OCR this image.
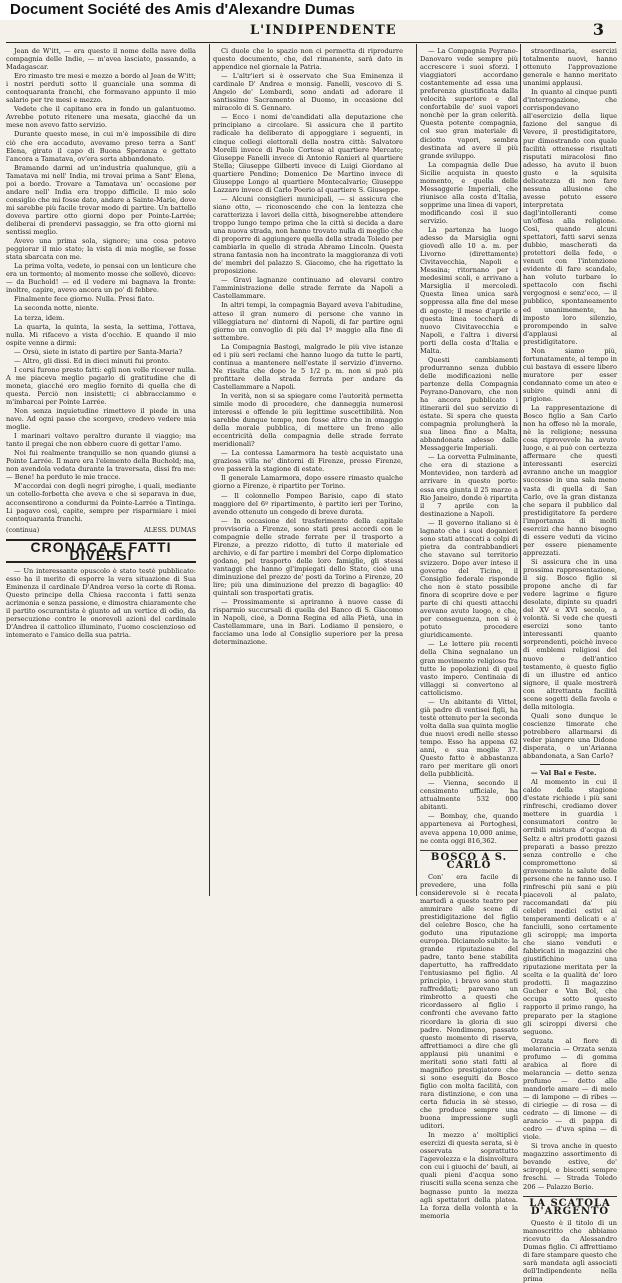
Document Société des Amis d'Alexandre Dumas
L'INDIPENDENTE	3

Jean de W'itt, — era questo il nome della nave della compagnia delle Indie, — m'avea lasciato, passando, a Madagascar.

Ero rimasto tre mesi e mezzo a bordo al Jean de W'itt; i nostri perduti sotto il guanciale una somma di centoquaranta franchi, che formavano appunto il mio salario per tre mesi e mezzo.

Vedete che il capitano era in fondo un galantuomo. Avrebbe potuto ritenere una mesata, giacché da un mese non avevo fatto servizio.

Durante questo mese, in cui m'è impossibile di dire ciò che era accaduto, avevamo preso terra a Sant' Elena, girato il capo di Buona Speranza e gettato l'ancora a Tamatava, ov'era sorta abbandonato.

Bramando darmi ad un'industria qualunque, giù a Tamatava mi nell' India, mi trovai prima a Sant' Elena, poi a bordo. Trovare a Tamatava un' occasione per andare nell' India era troppo difficile. Il mio solo consiglio che mi fosse dato, andare a Sainte-Marie, dove mi sarebbe più facile trovar modo di partire. Un battello doveva partire otto giorni dopo per Pointe-Larrée; deliberai di prendervi passaggio, se fra otto giorni mi sentissi meglio.

Avevo una prima sola, signore; una cosa potevo peggiorar il mio stato; la vista di mia moglie, se fosse stata sbarcata con me.

La prima volta, vedete, io pensai con un lenticure che era un tormento; al momento mosse che sollevò, dicevo: — da Buchold! — ed il vedere mi bagnava la fronte: inoltre, capire, avevo ancora un po' di febbre.

Finalmente fece giorno. Nulla. Presi fiato.

La seconda notte, niente.

La terza, idem.

La quarta, la quinta, la sesta, la settima, l'ottava, nulla. Mi rifacevo a vista d'occhio. E quando il mio ospite venne a dirmi:

— Orsù, siete in istato di partire per Santa-Maria?

— Altro, gli dissi. Ed in dieci minuti fui pronto.

I corsi furono presto fatti: egli non volle ricever nulla. A me piaceva meglio pagarlo di gratitudine che di moneta, giacché ero meglio fornito di quella che di questa. Perciò non insistetti; ci abbracciammo e m'imbarcai per Pointe Larrée.

Non senza inquietudine rimettevo il piede in una nave. Ad ogni passo che scorgevo, credevo vedere mia moglie.

I marinari voltavo peraltro durante il viaggio; ma tanto il pregai che non ebbero cuore di gettar l'amo.

Noi fui realmente tranquillo se non quando giunsi a Pointe Larrée. Il mare era l'elemento della Buchold; ma, non avendola vedata durante la traversata, dissi fra me: — Bene! ha perduto le mie tracce.

M'accordai con degli negri piroghe, i quali, mediante un cotello-forbetta che aveva e che si separava in due, acconsentirono a condurmi da Pointe-Larrée a Tintinga. Li pagavo così, capite, sempre per risparmiare i miei centoquaranta franchi.

(continua)	ALESS. DUMAS
CRONACA E FATTI DIVERSI

— Un interessante opuscolo è stato testè pubblicato: esso ha il merito di esporre la vera situazione di Sua Eminenza il cardinale D'Andrea verso la corte di Roma. Questo principe della Chiesa racconta i fatti senza acrimonia e senza passione, e dimostra chiaramente che il partito oscurantista è giunto ad un vertice di odio, da persecuzione contro le onorevoli azioni del cardinale D'Andrea il cattolico illuminato, l'uomo coscienzioso ed intemerato e l'amico della sua patria.

Ci duole che lo spazio non ci permetta di riprodurre questo documento, che, del rimanente, sarà dato in appendice nel giornale la Patria.

— L'altr'ieri si è osservato che Sua Eminenza il cardinale D' Andrea e monsig. Fanelli, vescovo di S. Angelo de' Lombardi, sono andati ad adorare il santissimo Sacramento al Duomo, in occasione del miracolo di S. Gennaro.

— Ecco i nomi de'candidati alla deputazione che principiano a circolare. Si assicura che il partito radicale ha deliberato di appoggiare i seguenti, in cinque collegi elettorali della nostra città: Salvatore Morelli invece di Paolo Cortese al quartiere Mercato; Giuseppe Fanelli invece di Antonio Ranieri al quartiere Stella; Giuseppe Gilberti invece di Luigi Giordano al quartiere Pendino; Domenico De Martino invece di Giuseppe Longo al quartiere Montecalvario; Giuseppe Lazzaro invece di Carlo Poerio al quartiere S. Giuseppe.

— Alcuni consiglieri municipali, — si assicura che siano otto, — riconoscendo che con la lentezza che caratterizza i lavori della città, bisognerebbe attendere troppo lungo tempo prima che la città si decida a dare una nuova strada, non hanno trovato nulla di meglio che di proporre di aggiungere quella della strada Toledo per cambiarla in quello di strada Abramo Lincoln. Questa strana fantasia non ha incontrato la maggioranza di voti de' membri del palazzo S. Giacomo, che ha rigettato la proposizione.

— Gravi lagnanze continuano ad elevarsi contro l'amministrazione delle strade ferrate da Napoli a Castellammare.

In altri tempi, la compagnia Bayard aveva l'abitudine, atteso il gran numero di persone che vanno in villeggiatura ne' dintorni di Napoli, di far partire ogni giorno un convoglio di più dal 1º maggio alla fine di settembre.

La Compagnia Bastogi, malgrado le più vive istanze ed i più seri reclami che hanno luogo da tutte le parti, continua a mantenere nell'estate il servizio d'inverno. Ne risulta che dopo le 5 1/2 p. m. non si può più profittare della strada ferrata per andare da Castellammare a Napoli.

In verità, non si sa spiegare come l'autorità permetta simile modo di procedere, che danneggia numerosi interessi e offende le più legittime suscettibilità. Non sarebbe dunque tempo, non fosse altro che in omaggio della morale pubblica, di mettere un freno alle eccentricità della compagnia delle strade ferrate meridionali?

— La contessa Lamarmora ha testè acquistato una graziosa villa ne' dintorni di Firenze, presso Firenze, ove passerà la stagione di estate.

Il generale Lamarmora, dopo essere rimasto qualche giorno a Firenze, è ripartito per Torino.

— Il colonnello Pompeo Barisio, capo di stato maggiore del 6º ripartimento, è partito ieri per Torino, avendo ottenuto un congedo di breve durata.

— In occasione del trasferimento della capitale provvisoria a Firenze, sono stati presi accordi con le compagnie delle strade ferrate per il trasporto a Firenze, a prezzo ridotto, di tutto il materiale ed archivio, e di far partire i membri del Corpo diplomatico godano, pel trasporto delle loro famiglie, gli stessi vantaggi che hanno gl'impiegati dello Stato, cioè una diminuzione del prezzo de' posti da Torino a Firenze, 20 lire; più una diminuzione del prezzo di bagaglio: 40 quintali son trasportati gratis.

— Prossimamente si apriranno à nuove casse di risparmio succursali di quella del Banco di S. Giacomo in Napoli, cioè, a Donna Regina ed alla Pietà, una in Castellammare, una in Bari. Lodiamo il pensiero, e facciamo una lode al Consiglio superiore per la presa determinazione.

— La Compagnia Peyrano-Danovaro vede sempre più accrescere i suoi sforzi. I viaggiatori accordano costantemente ad essa una preferenza giustificata dalla velocità superiore e dal confortabile de' suoi vapori nonchè per la gran celerità. Questa potente compagnia, col suo gran materiale di diciotto vapori, sembra destinata ad avere il più grande sviluppo.

La compagnia delle Due Sicilie acquista in questo momento, e quella delle Messaggerie Imperiali, che riunisce alla costa d'Italia, sopprime una linea di vapori, modificando così il suo servizio.

La partenza ha luogo adesso da Marsiglia ogni giovedì alle 10 a. m. per Livorno (direttamente) Civitavecchia, Napoli e Messina; ritornano per i medesimi scali, e arrivano a Marsiglia il mercoledì. Questa linea unica sarà soppressa alla fine del mese di agosto; il mese d'aprile e questa linea toccherà di nuovo Civitavecchia e Napoli, e l'altra i diversi porti della costa d'Italia e Malta.

Questi cambiamenti produrranno senza dubbio delle modificazioni nelle partenze della Compagnia Peyrano-Danovaro, che non ha ancora pubblicato i itinerarii del suo servizio di estate. Si spera che questa compagnia prolungherà la sua linea fino a Malta, abbandonata adesso dalle Messaggerie Imperiali.

— La corvetta Fulminante, che era di stazione a Montevideo, non tarderà ad arrivare in questo porto: essa era giunta il 25 marzo a Rio Janeiro, donde è ripartita il 7 aprile con la destinazione a Napoli.

— Il governo italiano si è lagnato che i suoi doganieri sono stati attaccati a colpi di pietra da contrabbandieri che stavano sul territorio svizzero. Dopo aver inteso il governo del Ticino, il Consiglio federale risponde che non è stato possibile finora di scoprire dove e per parte di chi questi attacchi avevano avuto luogo, e che, per conseguenza, non si è potuto procedere giuridicamente.

— Le lettere più recenti della China segnalano un gran movimento religioso fra tutte le popolazioni di quel vasto impero. Centinaia di villaggi si convertono al cattolicismo.

— Un abitante di Vittel, già padre di ventisei figli, ha testè ottenuto per la seconda volta dalla sua quinta moglie due nuovi eredi nelle stesso tempo. Esso ha appena 62 anni, e sua moglie 37. Questo fatto è abbastanza raro per meritare gli onori della pubblicità.

— Vienna, secondo il censimento ufficiale, ha attualmente 532 000 abitanti.

— Bombay, che, quando apparteneva ai Portoghesi, aveva appena 10,000 anime, ne conta oggi 816,362.

BOSCO A S. CARLO

Con' era facile di prevedere, una folla considerevole si è recata martedì a questo teatro per ammirare alle scene di prestidigitazione del figlio del celebre Bosco, che ha goduto una riputazione europea. Diciamolo subito: la grande riputazione del padre, tanto bene stabilita dapertutto, ha raffreddato l'entusiasmo pel figlio. Al principio, i bravo sono stati raffreddati; parevano un rimbrotto a questi che ricordassero al figlio i confronti che avevano fatto ricordare la gloria di suo padre. Nondimeno, passato questo momento di riserva, affrettiamoci a dire che gli applausi più unanimi e meritati sono stati fatti al magnifico prestigiatore che si sono eseguiti da Bosco figlio con molta facilità, con rara distinzione, e con una certa fiducia in sè stesso, che produce sempre una buona impressione sugli uditori.

In mezzo a' moltiplici esercizi di questa serata, si è osservata soprattutto l'agevolezza e la disinvoltura con cui i giuochi de' bauli, ai quali pieni d'acqua sono riusciti sulla scena senza che bagnasse punto la mezza agli spettatori della platea. La forza della volontà e la memoria

straordinaria, esercizi totalmente nuovi, hanno ottenuto l'approvazione generale e hanno meritato unanimi applausi.

In quanto al cinque punti d'interrogazione, che corrispondevano all'esercizio della lique fazione del sangue di Vevere, il prestidigitatore, pur dimostrando con quale facilità ottenesse risultati risputati miracolosi fino adesso, ha avuto il buon gusto e la squisita delicatezza di non fare nessuna allusione che avesse potuto essere interpretata dagl'intolleranti come un'offesa alla religione. Così, quando alcuni spettatori, fatti sarvi senza dubbio, mascherati da protettori della fede, e venuti con l'intenzione evidente di fare scandalo, han voluto turbare lo spettacolo con fischi vergognosi e senz'eco, — il pubblico, spontaneamente ed unanimemente, ha imposto loro silenzio, prorompendo in salve d'applausi al prestidigitatore.

Non siamo più, fortunatamente, al tempo in cui bastava di essere libero muratore per esser condannato come un ateo e subire quindi anni di prigione.

La rappresentazione di Bosco figlio a San Carlo non ha offeso nè la morale, nè la religione; nessuna cosa riprovevole ha avuto luogo, e ai può con certezza affermare che questi interessanti esercizi avranno anche un maggior successo in una sala meno vasta di quella di San Carlo, ove la gran distanza che separa il pubblico dal prestidigitatore fa perdere l'importanza di molti esercizi che hanno bisogno di essere veduti da vicino per essere pienamente apprezzati.

Si assicura che in una prossima rappresentazione, il sig. Bosco figlio si propone anche di far vedere lagrime e figure desolate, dipinte su quadri del XV e XVI secolo, a volontà. Si vede che questi esercizi sono tanto interessanti quanto sorprendenti, poichè invece di emblemi religiosi del nuovo e dell'antico testamento, è questo figlio di un illustre ed antico signore, il quale mostrerà con altrettanta facilità scene sogetti della favola e della mitologia.

Quali sono dunque le coscienze timorate che potrebbero allarmarsi di veder piangere una Didone disperata, o un'Arianna abbandonata, a San Carlo?

— Val Bal e Feste.

Al momento in cui il caldo della stagione d'estate richiede i più sani rinfreschi, crediamo dover mettere in guardia i consumatori contro le orribili mistura d'acqua di Seltz e altri prodotti gazosi preparati a basso prezzo senza controllo e che compromettono si gravemente la salute delle persone che ne fanno uso. I rinfreschi più sani e più piacevoli al palato, raccomandati da' più celebri medici estivi ai temperamenti delicati e a' fanciulli, sono certamente gli sciroppi; ma importa che siano venduti e fabbricati in magazzini che giustifichino una riputazione meritata per la scelta e la qualità de' loro prodotti. Il magazzino Gucher e Van Bol, che occupa sotto questo rapporto il primo rango, ha preparato per la stagione gli sciroppi diversi che seguono.

Orzata al fiore di melarancia — Orzata senza profumo — di gomma arabica al fiore di melarancia — detto senza profumo — detto alle mandorle amare — di melo — di lampone — di ribes — di ciriegie — di rosa — di cedrato — di limone — di arancio — di pappa di cedro — d'uva spina — di viole.

Si trova anche in questo magazzino assortimento di bevande estive, de' sciroppi, e biscotti sempre freschi. — Strada Toledo 206 — Palazzo Berio.

LA SCATOLA D'ARGENTO

Questo è il titolo di un manoscritto che abbiamo ricevuto da Alessandro Dumas figlio. Ci affrettiamo di fare stampare questo che sarà mandata agli associati dell'Indipendente nella prima
